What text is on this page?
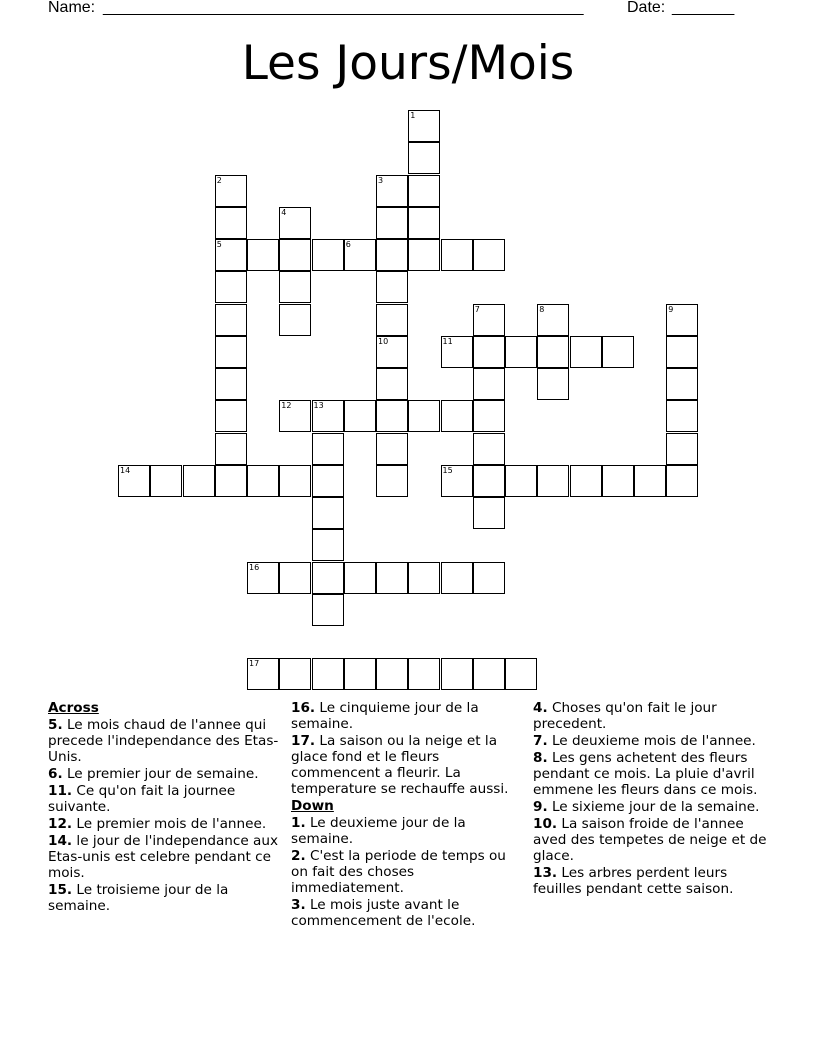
Name: ______________________________________________________	Date: _______
Les Jours/Mois
1
2
5
3
4
6
7	8	9
10	11
12	13
14	15
16
17
Across
5. Le mois chaud de l'annee qui precede l'independance des Etas-Unis.
6. Le premier jour de semaine.
11. Ce qu'on fait la journee suivante.
12. Le premier mois de l'annee.
14. le jour de l'independance aux Etas-unis est celebre pendant ce mois.
15. Le troisieme jour de la semaine.
16. Le cinquieme jour de la semaine.
17. La saison ou la neige et la glace fond et le fleurs commencent a fleurir. La temperature se rechauffe aussi.
Down
1. Le deuxieme jour de la semaine.
2. C'est la periode de temps ou on fait des choses immediatement.
3. Le mois juste avant le commencement de l'ecole.
4. Choses qu'on fait le jour precedent.
7. Le deuxieme mois de l'annee.
8. Les gens achetent des fleurs pendant ce mois. La pluie d'avril emmene les fleurs dans ce mois.
9. Le sixieme jour de la semaine.
10. La saison froide de l'annee aved des tempetes de neige et de glace.
13. Les arbres perdent leurs feuilles pendant cette saison.
